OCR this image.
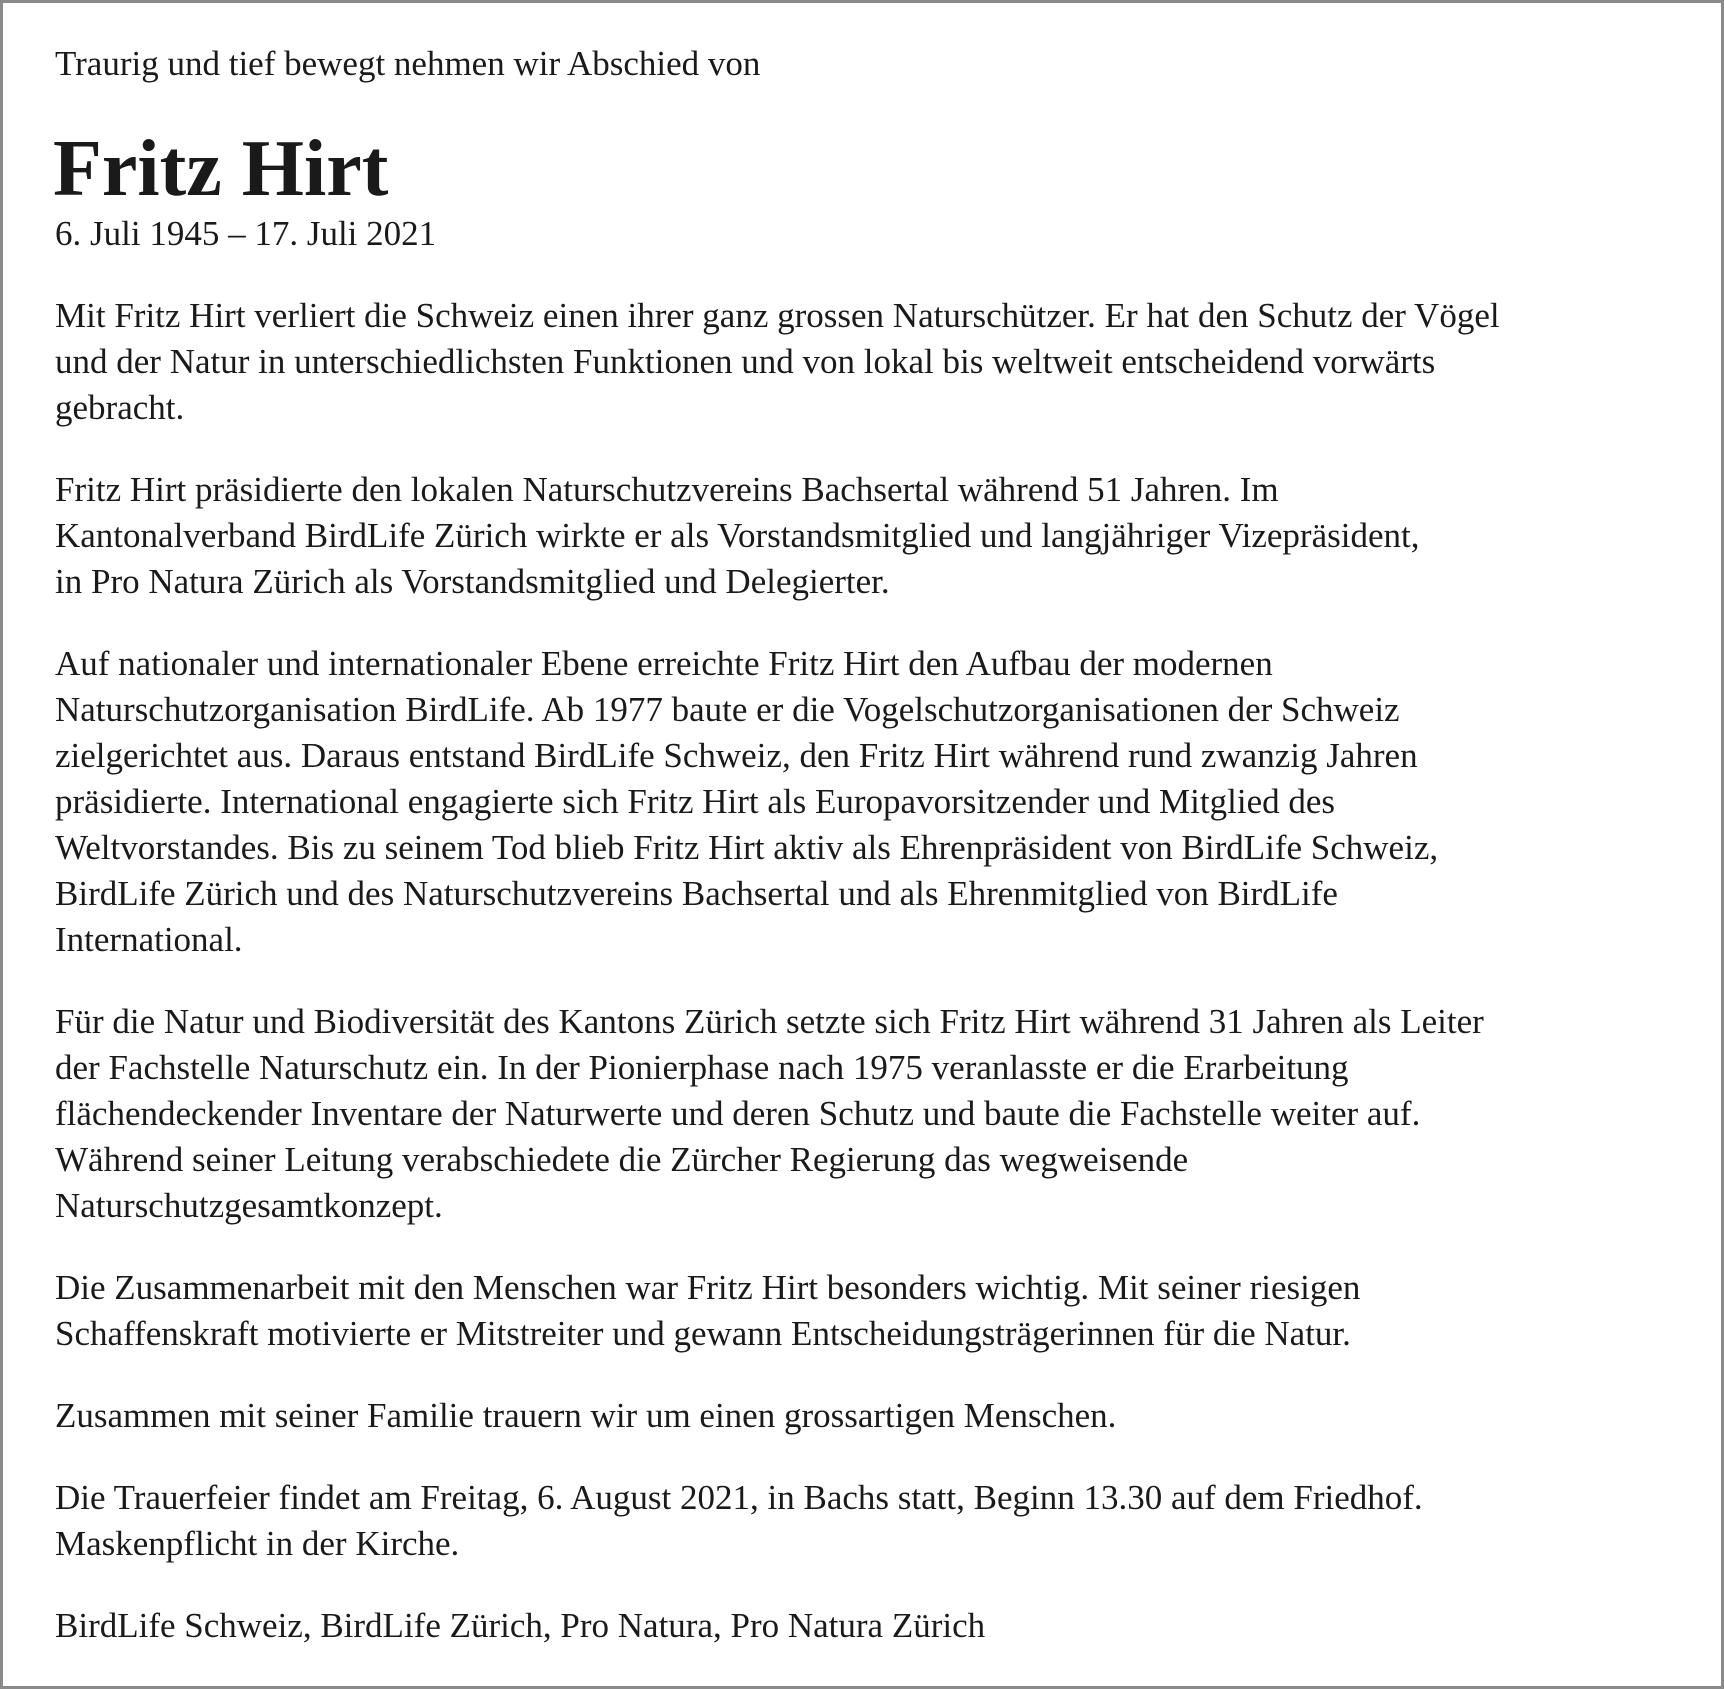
Traurig und tief bewegt nehmen wir Abschied von

Fritz Hirt

6. Juli 1945 – 17. Juli 2021

Mit Fritz Hirt verliert die Schweiz einen ihrer ganz grossen Naturschützer. Er hat den Schutz der Vögel
und der Natur in unterschiedlichsten Funktionen und von lokal bis weltweit entscheidend vorwärts
gebracht.

Fritz Hirt präsidierte den lokalen Naturschutzvereins Bachsertal während 51 Jahren. Im
Kantonalverband BirdLife Zürich wirkte er als Vorstandsmitglied und langjähriger Vizepräsident,
in Pro Natura Zürich als Vorstandsmitglied und Delegierter.

Auf nationaler und internationaler Ebene erreichte Fritz Hirt den Aufbau der modernen
Naturschutzorganisation BirdLife. Ab 1977 baute er die Vogelschutzorganisationen der Schweiz
zielgerichtet aus. Daraus entstand BirdLife Schweiz, den Fritz Hirt während rund zwanzig Jahren
präsidierte. International engagierte sich Fritz Hirt als Europavorsitzender und Mitglied des
Weltvorstandes. Bis zu seinem Tod blieb Fritz Hirt aktiv als Ehrenpräsident von BirdLife Schweiz,
BirdLife Zürich und des Naturschutzvereins Bachsertal und als Ehrenmitglied von BirdLife
International.

Für die Natur und Biodiversität des Kantons Zürich setzte sich Fritz Hirt während 31 Jahren als Leiter
der Fachstelle Naturschutz ein. In der Pionierphase nach 1975 veranlasste er die Erarbeitung
flächendeckender Inventare der Naturwerte und deren Schutz und baute die Fachstelle weiter auf.
Während seiner Leitung verabschiedete die Zürcher Regierung das wegweisende
Naturschutzgesamtkonzept.

Die Zusammenarbeit mit den Menschen war Fritz Hirt besonders wichtig. Mit seiner riesigen
Schaffenskraft motivierte er Mitstreiter und gewann Entscheidungsträgerinnen für die Natur.

Zusammen mit seiner Familie trauern wir um einen grossartigen Menschen.

Die Trauerfeier findet am Freitag, 6. August 2021, in Bachs statt, Beginn 13.30 auf dem Friedhof.
Maskenpflicht in der Kirche.

BirdLife Schweiz, BirdLife Zürich, Pro Natura, Pro Natura Zürich
